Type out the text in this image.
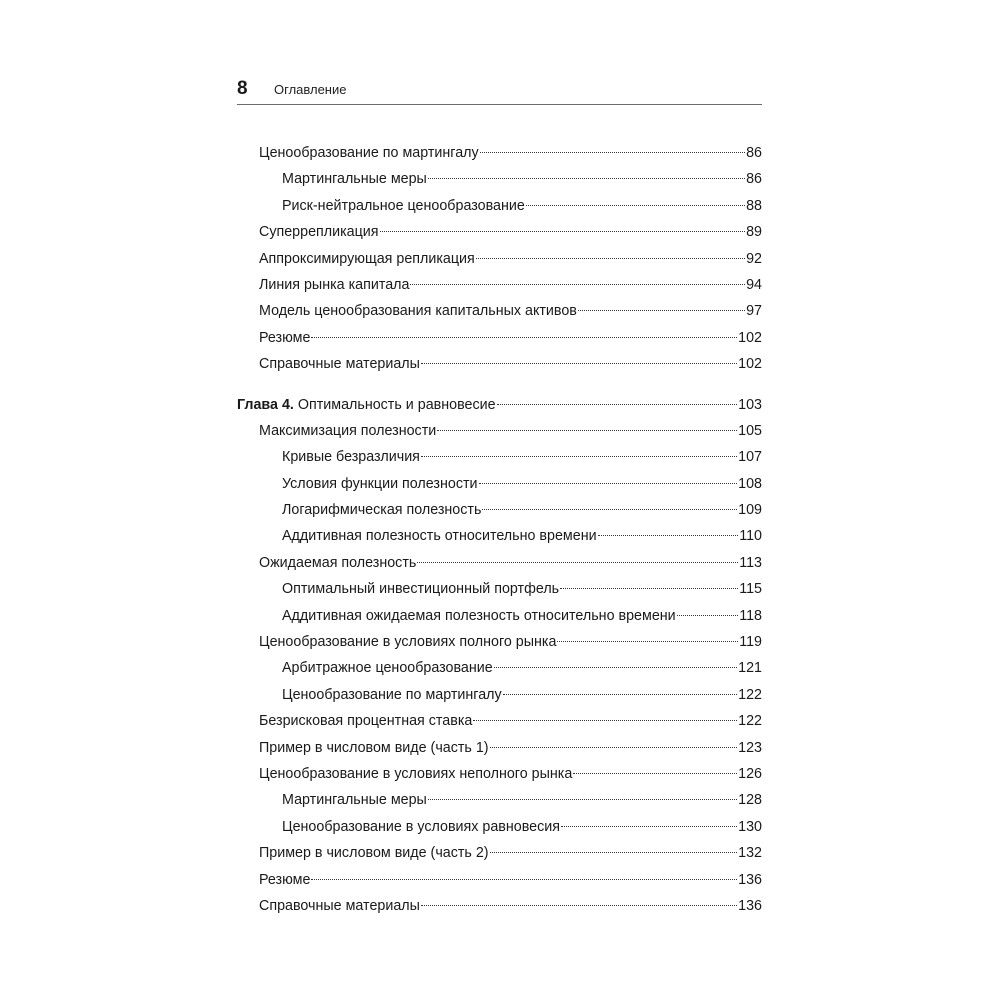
8 Оглавление
Ценообразование по мартингалу	86
Мартингальные меры	86
Риск-нейтральное ценообразование	88
Суперрепликация	89
Аппроксимирующая репликация	92
Линия рынка капитала	94
Модель ценообразования капитальных активов	97
Резюме	102
Справочные материалы	102
Глава 4. Оптимальность и равновесие	103
Максимизация полезности	105
Кривые безразличия	107
Условия функции полезности	108
Логарифмическая полезность	109
Аддитивная полезность относительно времени	110
Ожидаемая полезность	113
Оптимальный инвестиционный портфель	115
Аддитивная ожидаемая полезность относительно времени	118
Ценообразование в условиях полного рынка	119
Арбитражное ценообразование	121
Ценообразование по мартингалу	122
Безрисковая процентная ставка	122
Пример в числовом виде (часть 1)	123
Ценообразование в условиях неполного рынка	126
Мартингальные меры	128
Ценообразование в условиях равновесия	130
Пример в числовом виде (часть 2)	132
Резюме	136
Справочные материалы	136
